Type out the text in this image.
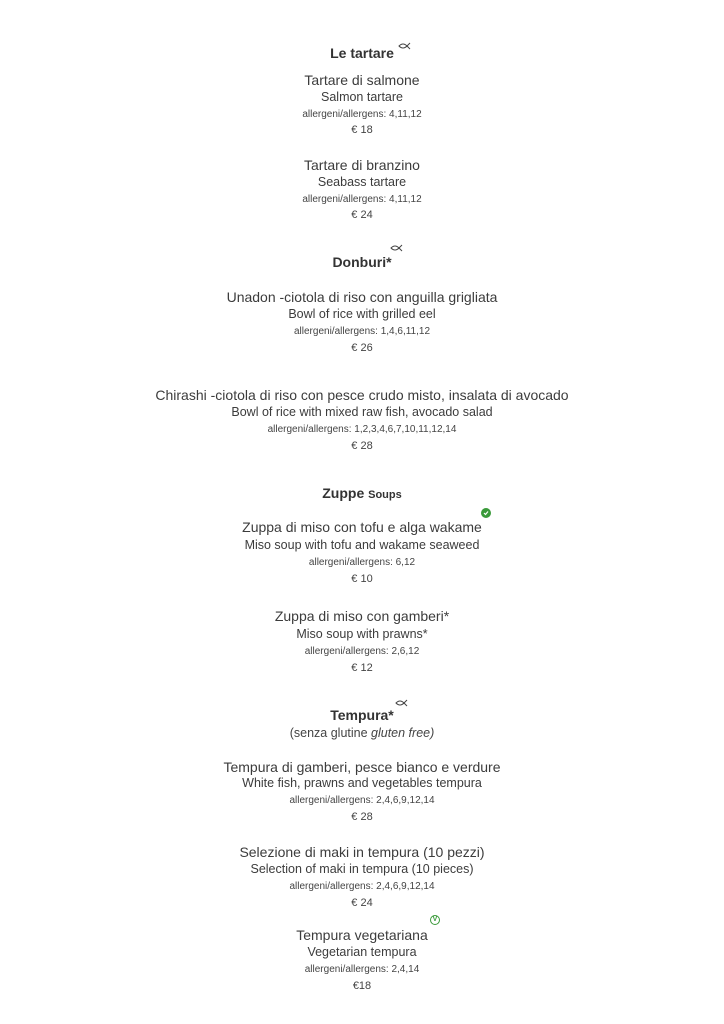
Le tartare
Tartare di salmone
Salmon tartare
allergeni/allergens: 4,11,12
€ 18
Tartare di branzino
Seabass tartare
allergeni/allergens: 4,11,12
€ 24
Donburi*
Unadon -ciotola di riso con anguilla grigliata
Bowl of rice with grilled eel
allergeni/allergens: 1,4,6,11,12
€ 26
Chirashi -ciotola di riso con pesce crudo misto, insalata di avocado
Bowl of rice with mixed raw fish, avocado salad
allergeni/allergens: 1,2,3,4,6,7,10,11,12,14
€ 28
Zuppe Soups
Zuppa di miso con tofu e alga wakame
Miso soup with tofu and wakame seaweed
allergeni/allergens: 6,12
€ 10
Zuppa di miso con gamberi*
Miso soup with prawns*
allergeni/allergens: 2,6,12
€ 12
Tempura*
(senza glutine gluten free)
Tempura di gamberi, pesce bianco e verdure
White fish, prawns and vegetables tempura
allergeni/allergens: 2,4,6,9,12,14
€ 28
Selezione di maki in tempura (10 pezzi)
Selection of maki in tempura (10 pieces)
allergeni/allergens: 2,4,6,9,12,14
€ 24
V
Tempura vegetariana
Vegetarian tempura
allergeni/allergens: 2,4,14
€18
